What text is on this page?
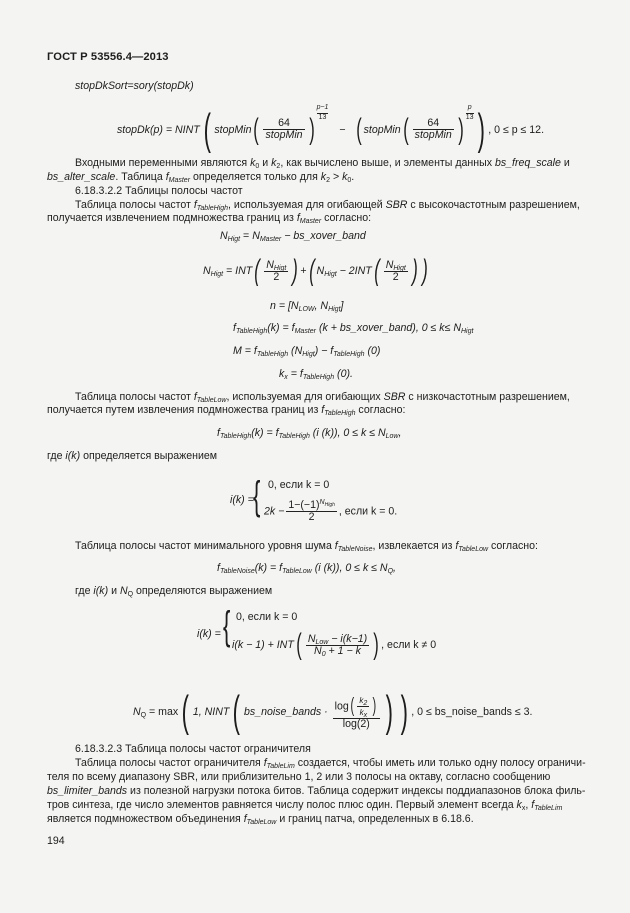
ГОСТ Р 53556.4—2013
stopDkSort=sory(stopDk)
stopDk(p) = NINT( stopMin( $\frac{64}{\text{stopMin}}$ ) $\frac{p-1}{13}$
− ( stopMin( $\frac{64}{\text{stopMin}}$ ) $\frac{p}{13}$ ) , 0 ≤ p ≤ 12.
Входными переменными являются $k_0$ и $k_2$, как вычислено выше, и элементы данных bs_freq_scale и
bs_alter_scale. Таблица $f_{Master}$ определяется только для $k_2 > k_0$.
6.18.3.2.2 Таблицы полосы частот
Таблица полосы частот $f_{TableHigh}$, используемая для огибающей SBR с высокочастотным разрешением,
получается извлечением подмножества границ из $f_{Master}$ согласно:
$N_{Higt} = N_{Master}$ − bs_xover_band
$N_{Higt} = INT( \frac{N_{Higt}}{2}$ ) +( $N_{Higt} - 2INT( \frac{N_{Higt}}{2}$ ) )
$n = [N_{LOW}$, $N_{Higt}$]
$f_{TableHigh}(k) = f_{Master}$ (k + bs_xover_band), $0 \le k\le N_{Higt}$
$M = f_{TableHigh}$ $(N_{Higt}) - f_{TableHigh}$ (0)
$k_x = f_{TableHigh}$ (0).
Таблица полосы частот $f_{TableLow}$, используемая для огибающих SBR с низкочастотным разрешением,
получается путем извлечения подмножества границ из $f_{TableHigh}$ согласно:
$f_{TableHigh}(k) = f_{TableHigh}$ (i (k)), $0 \le k \le N_{Low}$,
где i(k) определяется выражением
i(k) = { 0, если k = 0
$2k - \frac{1-(-1)^{N_{High}}}{2}$ , если k = 0.
Таблица полосы частот минимального уровня шума $f_{TableNoise}$, извлекается из $f_{TableLow}$ согласно:
$f_{TableNoise}(k) = f_{TableLow}$ (i (k)), $0 \le k \le N_Q$,
где i(k) и $N_Q$ определяются выражением
i(k) = { 0, если k = 0
$i(k - 1) + INT( \frac{N_{Low} - i(k-1)}{N_0 + 1 - k}$ ) , если k ≠ 0
$N_Q = \max$( 1, NINT( bs_noise_bands · $\frac{\log( \frac{k_2}{k_x} )}{\log(2)}$ ) ) , 0 ≤ bs_noise_bands ≤ 3.
6.18.3.2.3 Таблица полосы частот ограничителя
Таблица полосы частот ограничителя $f_{TableLim}$ создается, чтобы иметь или только одну полосу ограничи-
теля по всему диапазону SBR, или приблизительно 1, 2 или 3 полосы на октаву, согласно сообщению
bs_limiter_bands из полезной нагрузки потока битов. Таблица содержит индексы поддиапазонов блока филь-
тров синтеза, где число элементов равняется числу полос плюс один. Первый элемент всегда $k_x$, $f_{TableLim}$
является подмножеством объединения $f_{TableLow}$ и границ патча, определенных в 6.18.6.
194
